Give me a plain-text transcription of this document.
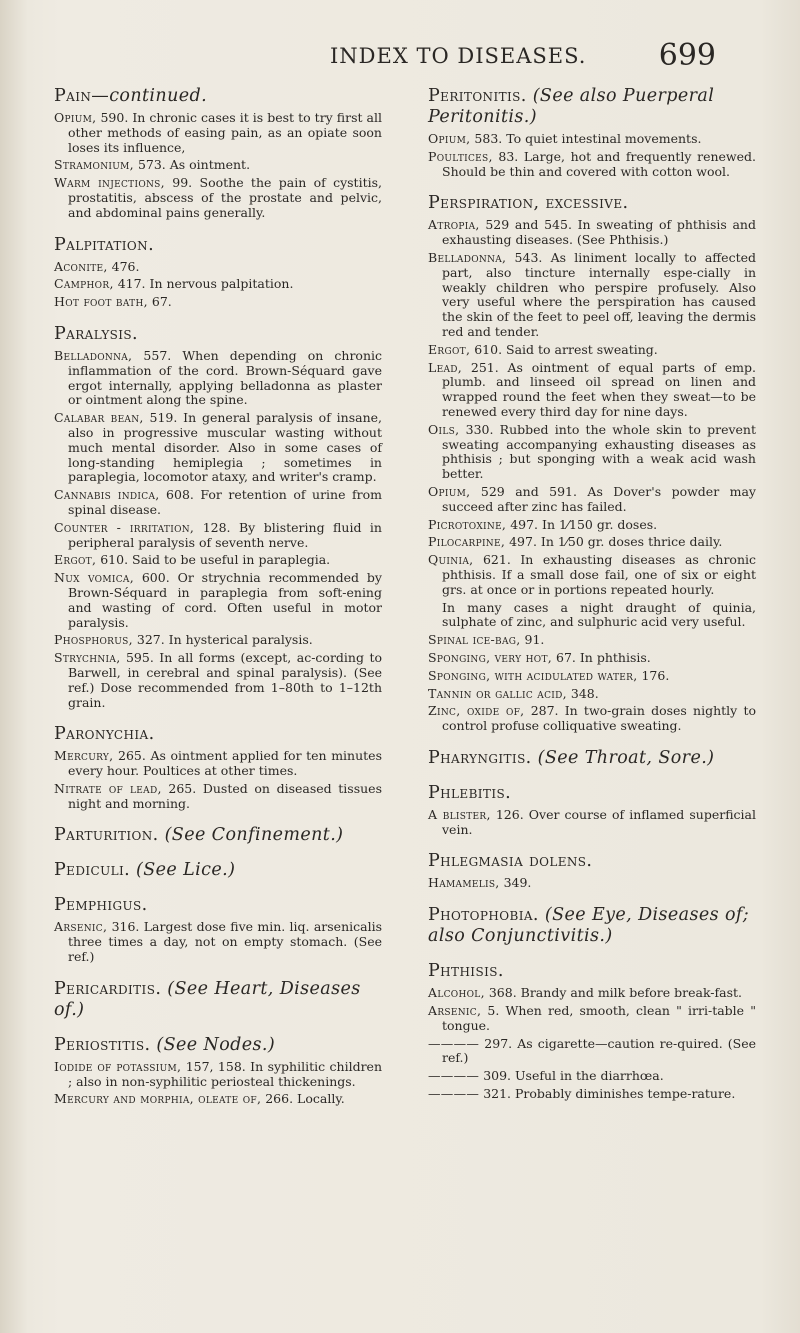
INDEX TO DISEASES. 699
Pain—continued.

Opium, 590. In chronic cases it is best to try first all other methods of easing pain, as an opiate soon loses its influence,

Stramonium, 573. As ointment.

Warm injections, 99. Soothe the pain of cystitis, prostatitis, abscess of the prostate and pelvic, and abdominal pains generally.

Palpitation.

Aconite, 476.

Camphor, 417. In nervous palpitation.

Hot foot bath, 67.

Paralysis.

Belladonna, 557. When depending on chronic inflammation of the cord. Brown-Séquard gave ergot internally, applying belladonna as plaster or ointment along the spine.

Calabar bean, 519. In general paralysis of insane, also in progressive muscular wasting without much mental disorder. Also in some cases of long-standing hemiplegia ; sometimes in paraplegia, locomotor ataxy, and writer's cramp.

Cannabis indica, 608. For retention of urine from spinal disease.

Counter - irritation, 128. By blistering fluid in peripheral paralysis of seventh nerve.

Ergot, 610. Said to be useful in paraplegia.

Nux vomica, 600. Or strychnia recommended by Brown-Séquard in paraplegia from soft-ening and wasting of cord. Often useful in motor paralysis.

Phosphorus, 327. In hysterical paralysis.

Strychnia, 595. In all forms (except, ac-cording to Barwell, in cerebral and spinal paralysis). (See ref.) Dose recommended from 1–80th to 1–12th grain.

Paronychia.

Mercury, 265. As ointment applied for ten minutes every hour. Poultices at other times.

Nitrate of lead, 265. Dusted on diseased tissues night and morning.

Parturition. (See Confinement.)
Pediculi. (See Lice.)
Pemphigus.

Arsenic, 316. Largest dose five min. liq. arsenicalis three times a day, not on empty stomach. (See ref.)

Pericarditis. (See Heart, Diseases of.)
Periostitis. (See Nodes.)

Iodide of potassium, 157, 158. In syphilitic children ; also in non-syphilitic periosteal thickenings.

Mercury and morphia, oleate of, 266. Locally.

Peritonitis. (See also Puerperal Peritonitis.)

Opium, 583. To quiet intestinal movements.

Poultices, 83. Large, hot and frequently renewed. Should be thin and covered with cotton wool.

Perspiration, excessive.

Atropia, 529 and 545. In sweating of phthisis and exhausting diseases. (See Phthisis.)

Belladonna, 543. As liniment locally to affected part, also tincture internally espe-cially in weakly children who perspire profusely. Also very useful where the perspiration has caused the skin of the feet to peel off, leaving the dermis red and tender.

Ergot, 610. Said to arrest sweating.

Lead, 251. As ointment of equal parts of emp. plumb. and linseed oil spread on linen and wrapped round the feet when they sweat—to be renewed every third day for nine days.

Oils, 330. Rubbed into the whole skin to prevent sweating accompanying exhausting diseases as phthisis ; but sponging with a weak acid wash better.

Opium, 529 and 591. As Dover's powder may succeed after zinc has failed.

Picrotoxine, 497. In 1⁄150 gr. doses.

Pilocarpine, 497. In 1⁄50 gr. doses thrice daily.

Quinia, 621. In exhausting diseases as chronic phthisis. If a small dose fail, one of six or eight grs. at once or in portions repeated hourly.

In many cases a night draught of quinia, sulphate of zinc, and sulphuric acid very useful.

Spinal ice-bag, 91.

Sponging, very hot, 67. In phthisis.

Sponging, with acidulated water, 176.

Tannin or gallic acid, 348.

Zinc, oxide of, 287. In two-grain doses nightly to control profuse colliquative sweating.

Pharyngitis. (See Throat, Sore.)
Phlebitis.

A blister, 126. Over course of inflamed superficial vein.

Phlegmasia dolens.

Hamamelis, 349.

Photophobia. (See Eye, Diseases of; also Conjunctivitis.)
Phthisis.

Alcohol, 368. Brandy and milk before break-fast.

Arsenic, 5. When red, smooth, clean " irri-table " tongue.

———— 297. As cigarette—caution re-quired. (See ref.)

———— 309. Useful in the diarrhœa.

———— 321. Probably diminishes tempe-rature.
